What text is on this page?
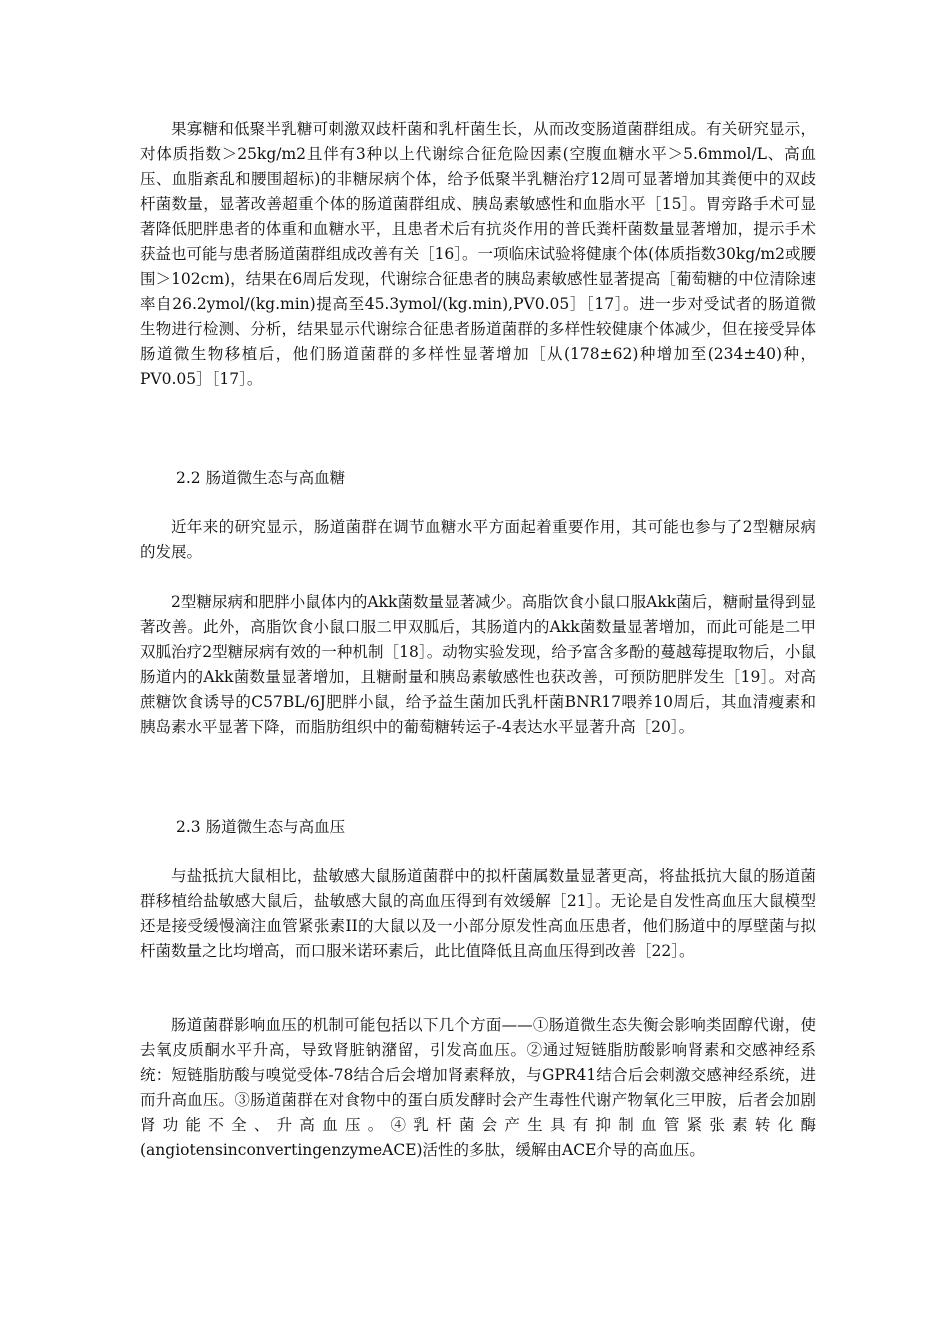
果寡糖和低聚半乳糖可刺激双歧杆菌和乳杆菌生长，从而改变肠道菌群组成。有关研究显示，对体质指数＞25kg/m2且伴有3种以上代谢综合征危险因素(空腹血糖水平＞5.6mmol/L、高血压、血脂紊乱和腰围超标)的非糖尿病个体，给予低聚半乳糖治疗12周可显著增加其粪便中的双歧杆菌数量，显著改善超重个体的肠道菌群组成、胰岛素敏感性和血脂水平［15］。胃旁路手术可显著降低肥胖患者的体重和血糖水平，且患者术后有抗炎作用的普氏粪杆菌数量显著增加，提示手术获益也可能与患者肠道菌群组成改善有关［16］。一项临床试验将健康个体(体质指数30kg/m2或腰围＞102cm)，结果在6周后发现，代谢综合征患者的胰岛素敏感性显著提高［葡萄糖的中位清除速率自26.2ymol/(kg.min)提高至45.3ymol/(kg.min),PV0.05］［17］。进一步对受试者的肠道微生物进行检测、分析，结果显示代谢综合征患者肠道菌群的多样性较健康个体减少，但在接受异体肠道微生物移植后，他们肠道菌群的多样性显著增加［从(178±62)种增加至(234±40)种，PV0.05］［17］。

2.2 肠道微生态与高血糖

近年来的研究显示，肠道菌群在调节血糖水平方面起着重要作用，其可能也参与了2型糖尿病的发展。

2型糖尿病和肥胖小鼠体内的Akk菌数量显著减少。高脂饮食小鼠口服Akk菌后，糖耐量得到显著改善。此外，高脂饮食小鼠口服二甲双胍后，其肠道内的Akk菌数量显著增加，而此可能是二甲双胍治疗2型糖尿病有效的一种机制［18］。动物实验发现，给予富含多酚的蔓越莓提取物后，小鼠肠道内的Akk菌数量显著增加，且糖耐量和胰岛素敏感性也获改善，可预防肥胖发生［19］。对高蔗糖饮食诱导的C57BL/6J肥胖小鼠，给予益生菌加氏乳杆菌BNR17喂养10周后，其血清瘦素和胰岛素水平显著下降，而脂肪组织中的葡萄糖转运子-4表达水平显著升高［20］。

2.3 肠道微生态与高血压

与盐抵抗大鼠相比，盐敏感大鼠肠道菌群中的拟杆菌属数量显著更高，将盐抵抗大鼠的肠道菌群移植给盐敏感大鼠后，盐敏感大鼠的高血压得到有效缓解［21］。无论是自发性高血压大鼠模型还是接受缓慢滴注血管紧张素II的大鼠以及一小部分原发性高血压患者，他们肠道中的厚壁菌与拟杆菌数量之比均增高，而口服米诺环素后，此比值降低且高血压得到改善［22］。

肠道菌群影响血压的机制可能包括以下几个方面——①肠道微生态失衡会影响类固醇代谢，使去氧皮质酮水平升高，导致肾脏钠潴留，引发高血压。②通过短链脂肪酸影响肾素和交感神经系统：短链脂肪酸与嗅觉受体-78结合后会增加肾素释放，与GPR41结合后会刺激交感神经系统，进而升高血压。③肠道菌群在对食物中的蛋白质发酵时会产生毒性代谢产物氧化三甲胺，后者会加剧肾功能不全、升高血压。④乳杆菌会产生具有抑制血管紧张素转化酶(angiotensinconvertingenzymeACE)活性的多肽，缓解由ACE介导的高血压。
